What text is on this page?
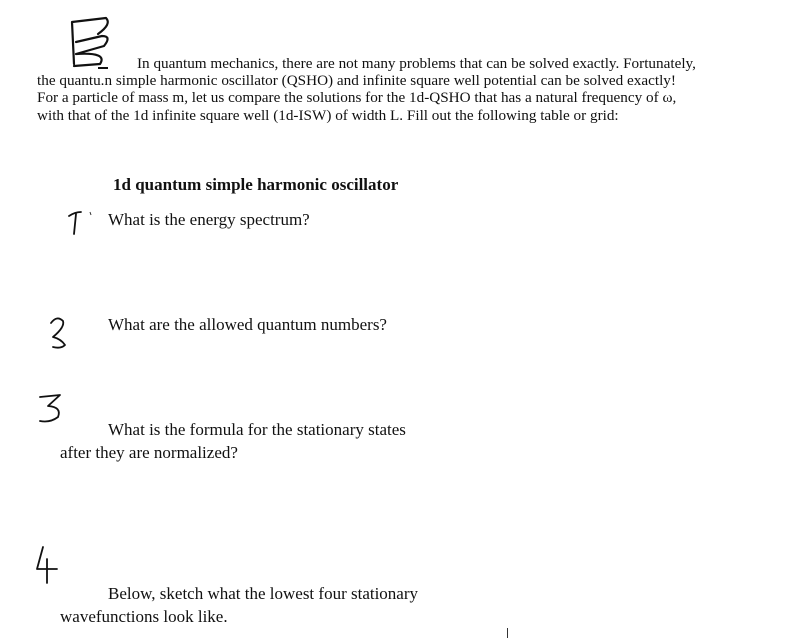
In quantum mechanics, there are not many problems that can be solved exactly. Fortunately,

the quantu.n simple harmonic oscillator (QSHO) and infinite square well potential can be solved exactly!

For a particle of mass m, let us compare the solutions for the 1d-QSHO that has a natural frequency of ω,

with that of the 1d infinite square well (1d-ISW) of width L. Fill out the following table or grid:

1d quantum simple harmonic oscillator
What is the energy spectrum?
What are the allowed quantum numbers?
What is the formula for the stationary states
after they are normalized?
Below, sketch what the lowest four stationary
wavefunctions look like.
